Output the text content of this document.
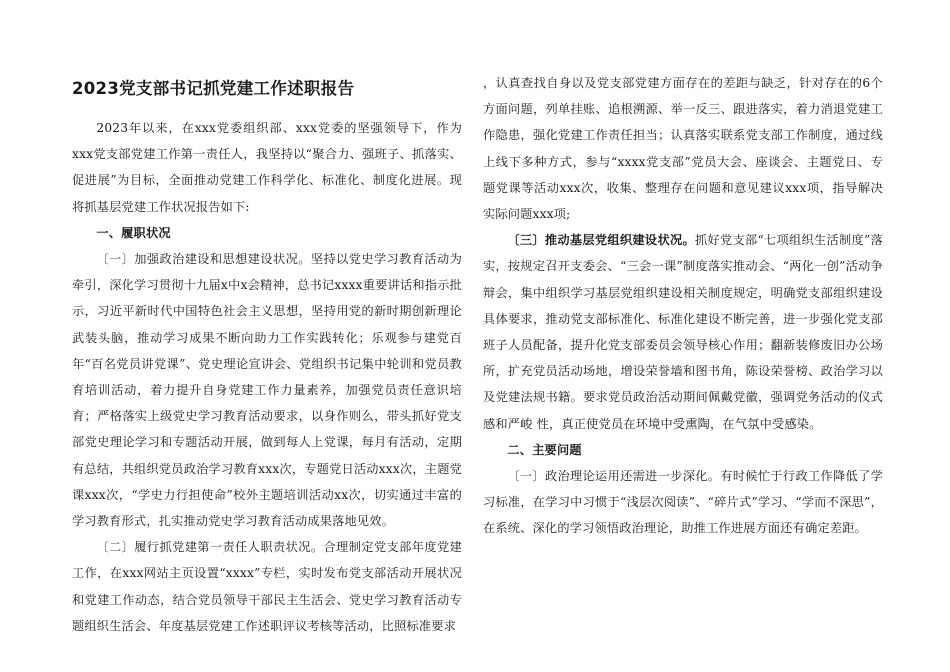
2023党支部书记抓党建工作述职报告

2023年以来，在xxx党委组织部、xxx党委的坚强领导下，作为xxx党支部党建工作第一责任人，我坚持以“聚合力、强班子、抓落实、促进展”为目标，全面推动党建工作科学化、标准化、制度化进展。现将抓基层党建工作状况报告如下:

一、履职状况

〔一〕加强政治建设和思想建设状况。坚持以党史学习教育活动为牵引，深化学习贯彻十九届x中x会精神，总书记xxxx重要讲话和指示批示，习近平新时代中国特色社会主义思想，坚持用党的新时期创新理论武装头脑，推动学习成果不断向助力工作实践转化；乐观参与建党百年“百名党员讲党课”、党史理论宣讲会、党组织书记集中轮训和党员教育培训活动，着力提升自身党建工作力量素养，加强党员责任意识培育；严格落实上级党史学习教育活动要求，以身作则么，带头抓好党支部党史理论学习和专题活动开展，做到每人上党课，每月有活动，定期有总结，共组织党员政治学习教育xxx次，专题党日活动xxx次，主题党课xxx次，“学史力行担使命”校外主题培训活动xx次，切实通过丰富的学习教育形式，扎实推动党史学习教育活动成果落地见效。

〔二〕履行抓党建第一责任人职责状况。合理制定党支部年度党建工作，在xxx网站主页设置“xxxx”专栏，实时发布党支部活动开展状况和党建工作动态，结合党员领导干部民主生活会、党史学习教育活动专题组织生活会、年度基层党建工作述职评议考核等活动，比照标准要求

，认真查找自身以及党支部党建方面存在的差距与缺乏，针对存在的6个方面问题，列单挂账、追根溯源、举一反三、跟进落实，着力消退党建工作隐患，强化党建工作责任担当；认真落实联系党支部工作制度，通过线上线下多种方式，参与“xxxx党支部”党员大会、座谈会、主题党日、专题党课等活动xxx次，收集、整理存在问题和意见建议xxx项，指导解决实际问题xxx项;

〔三〕推动基层党组织建设状况。抓好党支部“七项组织生活制度”落实，按规定召开支委会、“三会一课”制度落实推动会、“两化一创”活动争辩会，集中组织学习基层党组织建设相关制度规定，明确党支部组织建设具体要求，推动党支部标准化、标准化建设不断完善，进一步强化党支部班子人员配备，提升化党支部委员会领导核心作用；翻新装修废旧办公场所，扩充党员活动场地，增设荣誉墙和图书角，陈设荣誉榜、政治学习以及党建法规书籍。要求党员政治活动期间佩戴党徽，强调党务活动的仪式感和严峻 性，真正使党员在环境中受熏陶，在气氛中受感染。

二、主要问题

〔一〕政治理论运用还需进一步深化。有时候忙于行政工作降低了学习标准，在学习中习惯于“浅层次阅读”、“碎片式”学习、“学而不深思”，在系统、深化的学习领悟政治理论，助推工作进展方面还有确定差距。
